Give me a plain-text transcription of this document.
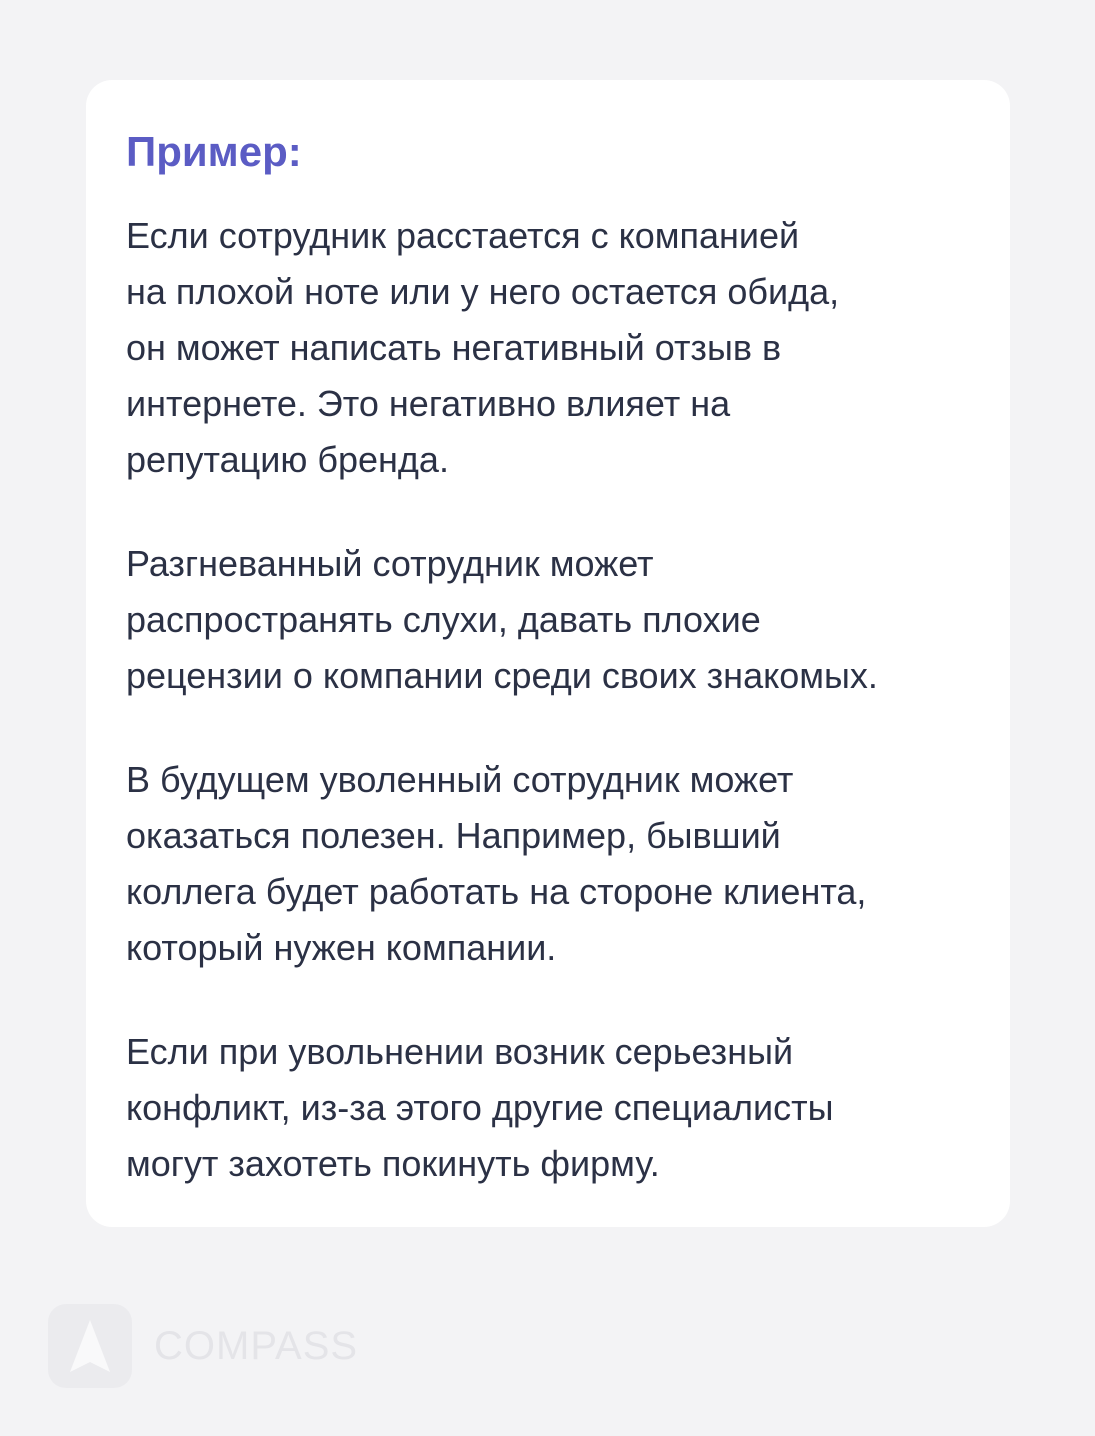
Пример:
Если сотрудник расстается с компанией
на плохой ноте или у него остается обида,
он может написать негативный отзыв в
интернете. Это негативно влияет на
репутацию бренда.
Разгневанный сотрудник может
распространять слухи, давать плохие
рецензии о компании среди своих знакомых.
В будущем уволенный сотрудник может
оказаться полезен. Например, бывший
коллега будет работать на стороне клиента,
который нужен компании.
Если при увольнении возник серьезный
конфликт, из-за этого другие специалисты
могут захотеть покинуть фирму.
COMPASS
